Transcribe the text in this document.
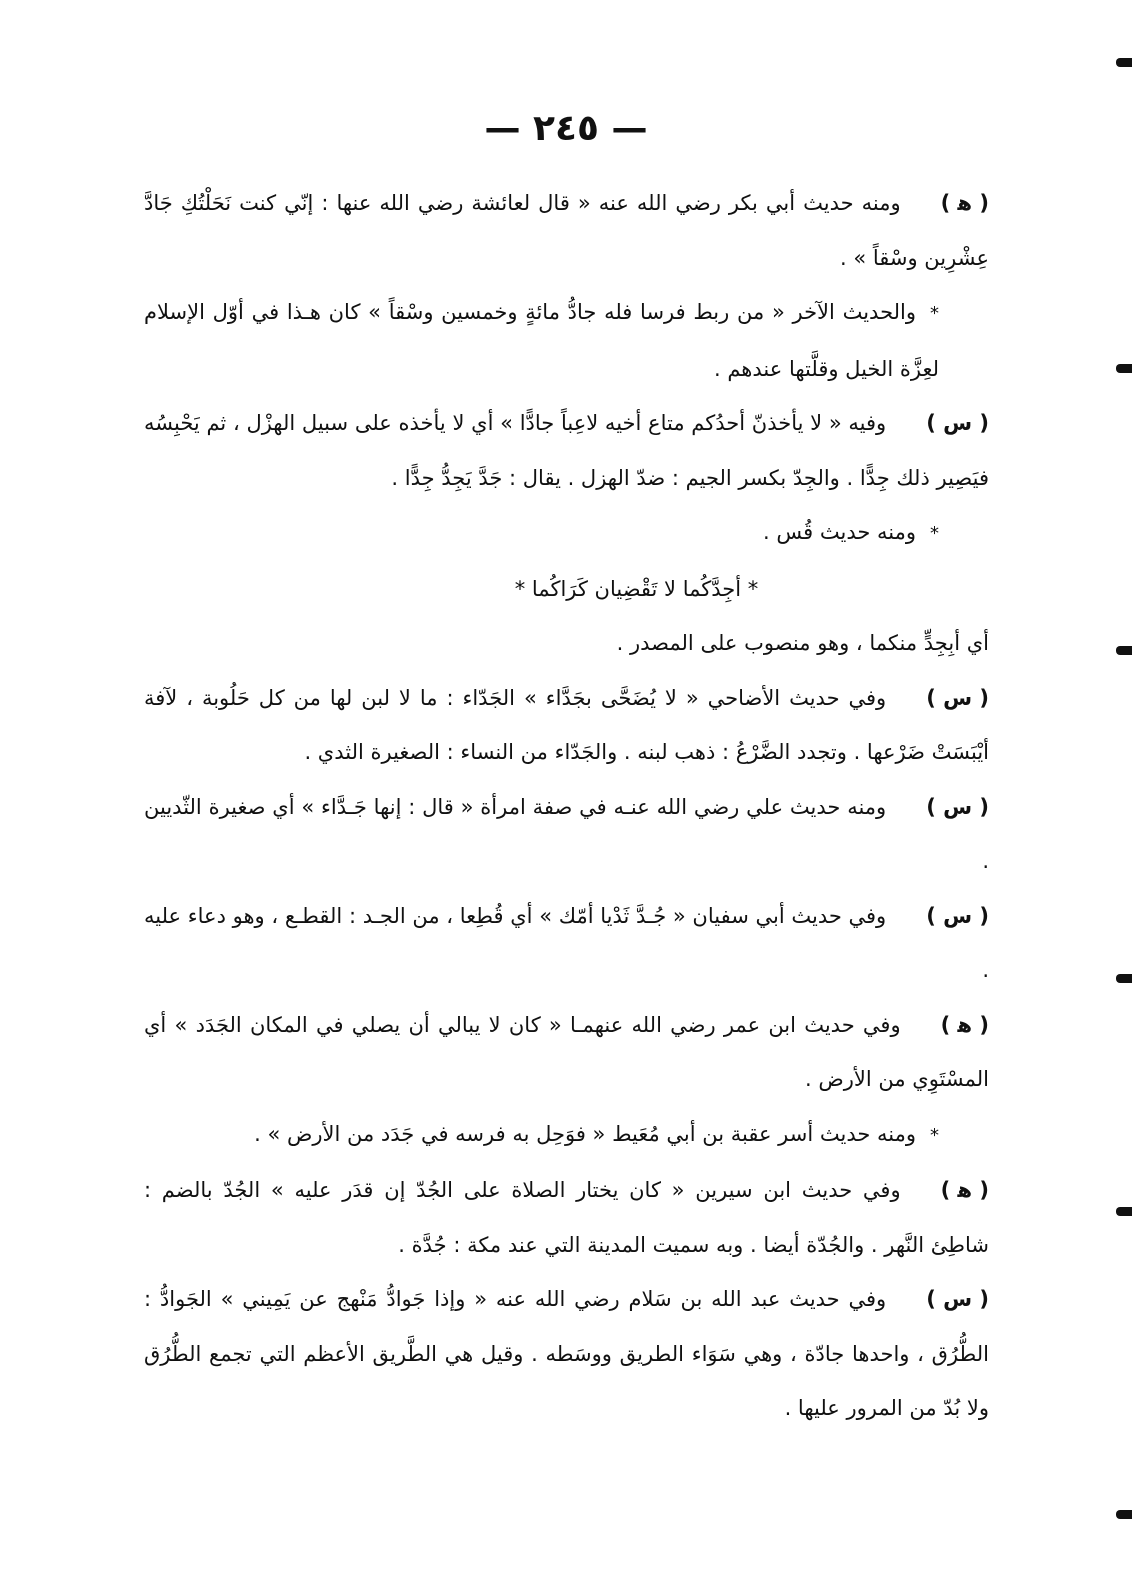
— ٢٤٥ —

( ﻫ )ومنه حديث أبي بكر رضي الله عنه « قال لعائشة رضي الله عنها : إنّي كنت نَحَلْتُكِ جَادَّ عِشْرِين وسْقاً » .

*والحديث الآخر « من ربط فرسا فله جادُّ مائةٍ وخمسين وسْقاً » كان هـذا في أوّل الإسلام لعِزَّة الخيل وقلَّتها عندهم .

( س )وفيه « لا يأخذنّ أحدُكم متاع أخيه لاعِباً جادًّا » أي لا يأخذه على سبيل الهزْل ، ثم يَحْبِسُه فيَصِير ذلك جِدًّا . والجِدّ بكسر الجيم : ضدّ الهزل . يقال : جَدَّ يَجِدُّ جِدًّا .

*ومنه حديث قُس .

* أجِدَّكُما لا تَقْضِيان كَرَاكُما *

أي أبِجِدٍّ منكما ، وهو منصوب على المصدر .

( س )وفي حديث الأضاحي « لا يُضَحَّى بجَدَّاء » الجَدّاء : ما لا لبن لها من كل حَلُوبة ، لآفة أيْبَسَتْ ضَرْعها . وتجدد الضَّرْعُ : ذهب لبنه . والجَدّاء من النساء : الصغيرة الثدي .

( س )ومنه حديث علي رضي الله عنـه في صفة امرأة « قال : إنها جَـدَّاء » أي صغيرة الثّديين .

( س )وفي حديث أبي سفيان « جُـدَّ ثَدْيا أمّك » أي قُطِعا ، من الجـد : القطـع ، وهو دعاء عليه .

( ﻫ )وفي حديث ابن عمر رضي الله عنهمـا « كان لا يبالي أن يصلي في المكان الجَدَد » أي المسْتَوِي من الأرض .

*ومنه حديث أسر عقبة بن أبي مُعَيط « فوَحِل به فرسه في جَدَد من الأرض » .

( ﻫ )وفي حديث ابن سيرين « كان يختار الصلاة على الجُدّ إن قدَر عليه » الجُدّ بالضم : شاطِئ النَّهر . والجُدّة أيضا . وبه سميت المدينة التي عند مكة : جُدَّة .

( س )وفي حديث عبد الله بن سَلام رضي الله عنه « وإذا جَوادُّ مَنْهج عن يَمِيني » الجَوادُّ : الطُّرُق ، واحدها جادّة ، وهي سَوَاء الطريق ووسَطه . وقيل هي الطَّريق الأعظم التي تجمع الطُّرُق ولا بُدّ من المرور عليها .
